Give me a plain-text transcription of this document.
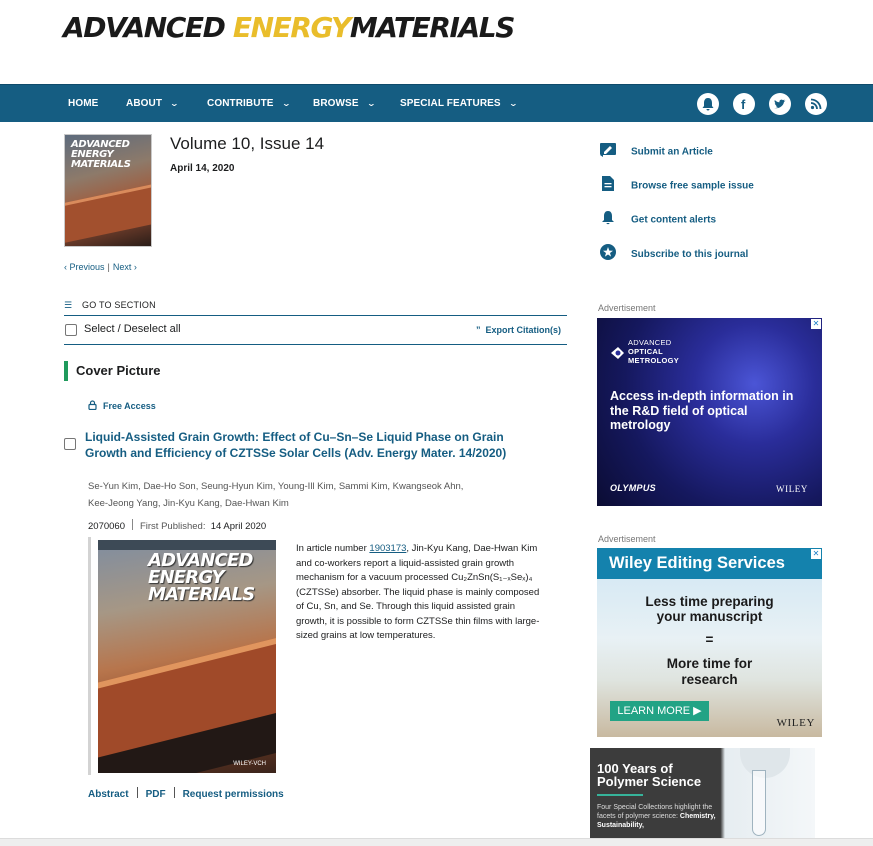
ADVANCED ENERGYMATERIALS
HOME	ABOUT ⌄	CONTRIBUTE ⌄ BROWSE ⌄ SPECIAL FEATURES ⌄	f
ADVANCED ENERGY MATERIALS
Volume 10, Issue 14
April 14, 2020
‹ Previous | Next ›
☰ GO TO SECTION
Select / Deselect all	” Export Citation(s)
Cover Picture
Free Access
Liquid-Assisted Grain Growth: Effect of Cu–Sn–Se Liquid Phase on Grain Growth and Efficiency of CZTSSe Solar Cells (Adv. Energy Mater. 14/2020)
Se-Yun Kim, Dae-Ho Son, Seung-Hyun Kim, Young-Ill Kim, Sammi Kim, Kwangseok Ahn,
Kee-Jeong Yang, Jin-Kyu Kang, Dae-Hwan Kim
2070060 First Published: 14 April 2020
ADVANCED ENERGY MATERIALS
WILEY-VCH
In article number 1903173, Jin-Kyu Kang, Dae-Hwan Kim and co-workers report a liquid-assisted grain growth mechanism for a vacuum processed Cu₂ZnSn(S₁₋ₓSeₓ)₄ (CZTSSe) absorber. The liquid phase is mainly composed of Cu, Sn, and Se. Through this liquid assisted grain growth, it is possible to form CZTSSe thin films with large-sized grains at low temperatures.
Abstract PDF Request permissions
Submit an Article
Browse free sample issue
Get content alerts
Subscribe to this journal
Advertisement
✕
ADVANCED
OPTICAL
METROLOGY
Access in-depth information in the R&D field of optical metrology
OLYMPUS	WILEY
Advertisement
Wiley Editing Services
✕
Less time preparing
your manuscript
=
More time for
research
LEARN MORE ▶
WILEY
100 Years of Polymer Science
Four Special Collections highlight the facets of polymer science: Chemistry, Sustainability,
